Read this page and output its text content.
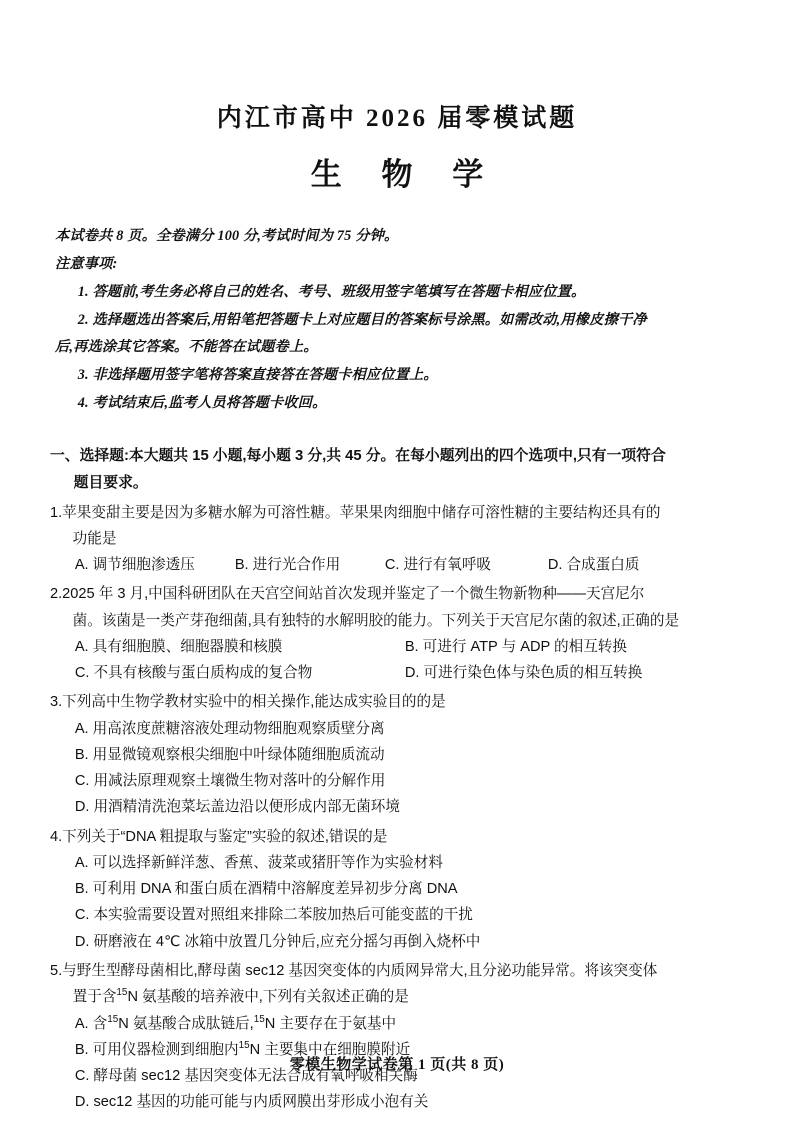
内江市高中 2026 届零模试题
生 物 学
本试卷共 8 页。全卷满分 100 分,考试时间为 75 分钟。
注意事项:
1. 答题前,考生务必将自己的姓名、考号、班级用签字笔填写在答题卡相应位置。
2. 选择题选出答案后,用铅笔把答题卡上对应题目的答案标号涂黑。如需改动,用橡皮擦干净
后,再选涂其它答案。不能答在试题卷上。
3. 非选择题用签字笔将答案直接答在答题卡相应位置上。
4. 考试结束后,监考人员将答题卡收回。
一、选择题:本大题共 15 小题,每小题 3 分,共 45 分。在每小题列出的四个选项中,只有一项符合
题目要求。
1.苹果变甜主要是因为多糖水解为可溶性糖。苹果果肉细胞中储存可溶性糖的主要结构还具有的
功能是
A. 调节细胞渗透压	B. 进行光合作用	C. 进行有氧呼吸	D. 合成蛋白质
2.2025 年 3 月,中国科研团队在天宫空间站首次发现并鉴定了一个微生物新物种——天宫尼尔
菌。该菌是一类产芽孢细菌,具有独特的水解明胶的能力。下列关于天宫尼尔菌的叙述,正确的是
A. 具有细胞膜、细胞器膜和核膜	B. 可进行 ATP 与 ADP 的相互转换
C. 不具有核酸与蛋白质构成的复合物	D. 可进行染色体与染色质的相互转换
3.下列高中生物学教材实验中的相关操作,能达成实验目的的是
A. 用高浓度蔗糖溶液处理动物细胞观察质壁分离
B. 用显微镜观察根尖细胞中叶绿体随细胞质流动
C. 用减法原理观察土壤微生物对落叶的分解作用
D. 用酒精清洗泡菜坛盖边沿以便形成内部无菌环境
4.下列关于“DNA 粗提取与鉴定”实验的叙述,错误的是
A. 可以选择新鲜洋葱、香蕉、菠菜或猪肝等作为实验材料
B. 可利用 DNA 和蛋白质在酒精中溶解度差异初步分离 DNA
C. 本实验需要设置对照组来排除二苯胺加热后可能变蓝的干扰
D. 研磨液在 4℃ 冰箱中放置几分钟后,应充分摇匀再倒入烧杯中
5.与野生型酵母菌相比,酵母菌 sec12 基因突变体的内质网异常大,且分泌功能异常。将该突变体
置于含$^{15}$N 氨基酸的培养液中,下列有关叙述正确的是
A. 含$^{15}$N 氨基酸合成肽链后,$^{15}$N 主要存在于氨基中
B. 可用仪器检测到细胞内$^{15}$N 主要集中在细胞膜附近
C. 酵母菌 sec12 基因突变体无法合成有氧呼吸相关酶
D. sec12 基因的功能可能与内质网膜出芽形成小泡有关
零模生物学试卷第 1 页(共 8 页)
